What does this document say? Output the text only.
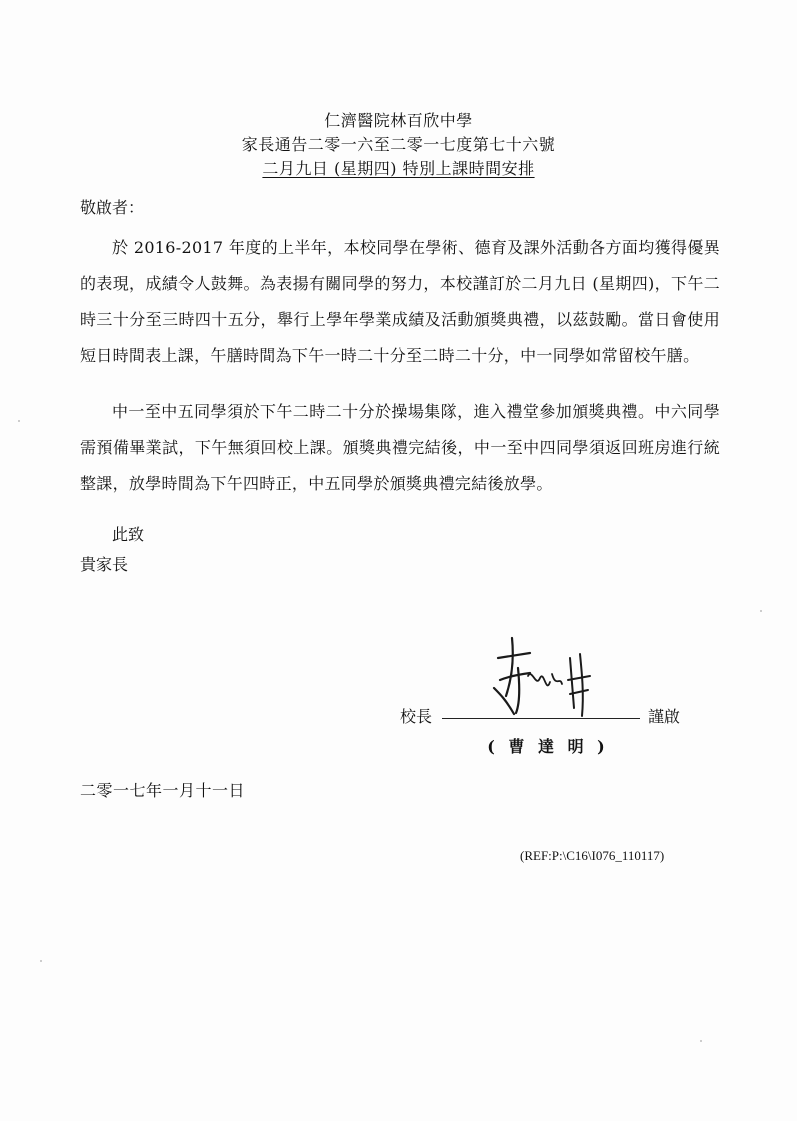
仁濟醫院林百欣中學
家長通告二零一六至二零一七度第七十六號
二月九日 (星期四) 特別上課時間安排
敬啟者：
於 2016-2017 年度的上半年，本校同學在學術、德育及課外活動各方面均獲得優異的表現，成績令人鼓舞。為表揚有關同學的努力，本校謹訂於二月九日 (星期四)，下午二時三十分至三時四十五分，舉行上學年學業成績及活動頒獎典禮，以茲鼓勵。當日會使用短日時間表上課，午膳時間為下午一時二十分至二時二十分，中一同學如常留校午膳。
中一至中五同學須於下午二時二十分於操場集隊，進入禮堂參加頒獎典禮。中六同學需預備畢業試，下午無須回校上課。頒獎典禮完結後，中一至中四同學須返回班房進行統整課，放學時間為下午四時正，中五同學於頒獎典禮完結後放學。
此致
貴家長
校長	謹啟
( 曹 達 明 )
二零一七年一月十一日
(REF:P:\C16\I076_110117)
